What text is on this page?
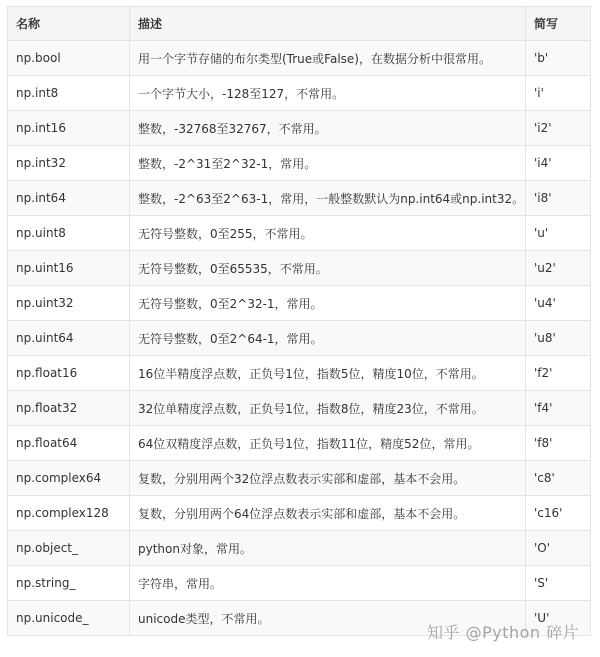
名称	描述	简写
np.bool	用一个字节存储的布尔类型(True或False)，在数据分析中很常用。	'b'
np.int8	一个字节大小，-128至127，不常用。	'i'
np.int16	整数，-32768至32767，不常用。	'i2'
np.int32	整数，-2^31至2^32-1，常用。	'i4'
np.int64	整数，-2^63至2^63-1，常用，一般整数默认为np.int64或np.int32。	'i8'
np.uint8	无符号整数，0至255，不常用。	'u'
np.uint16	无符号整数，0至65535，不常用。	'u2'
np.uint32	无符号整数，0至2^32-1，常用。	'u4'
np.uint64	无符号整数，0至2^64-1，常用。	'u8'
np.float16	16位半精度浮点数，正负号1位，指数5位，精度10位，不常用。	'f2'
np.float32	32位单精度浮点数，正负号1位，指数8位，精度23位，不常用。	'f4'
np.float64	64位双精度浮点数，正负号1位，指数11位，精度52位，常用。	'f8'
np.complex64	复数，分别用两个32位浮点数表示实部和虚部，基本不会用。	'c8'
np.complex128	复数，分别用两个64位浮点数表示实部和虚部，基本不会用。	'c16'
np.object_	python对象，常用。	'O'
np.string_	字符串，常用。	'S'
np.unicode_	unicode类型，不常用。	'U'
知乎 @Python 碎片
